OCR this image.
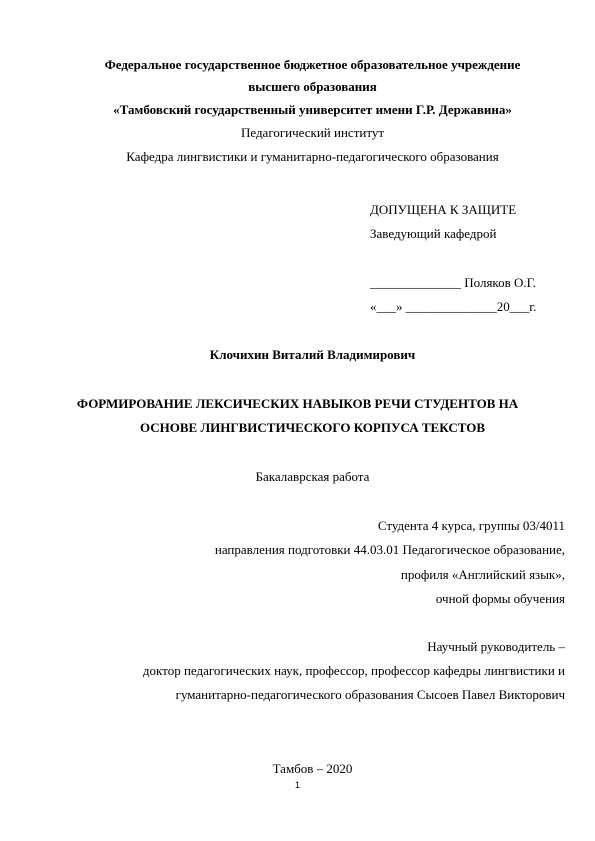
Федеральное государственное бюджетное образовательное учреждение
высшего образования
«Тамбовский государственный университет имени Г.Р. Державина»
Педагогический институт
Кафедра лингвистики и гуманитарно-педагогического образования
ДОПУЩЕНА К ЗАЩИТЕ
Заведующий кафедрой
______________ Поляков О.Г.
«___» ______________20___г.
Клочихин Виталий Владимирович
ФОРМИРОВАНИЕ ЛЕКСИЧЕСКИХ НАВЫКОВ РЕЧИ СТУДЕНТОВ НА
ОСНОВЕ ЛИНГВИСТИЧЕСКОГО КОРПУСА ТЕКСТОВ
Бакалаврская работа
Студента 4 курса, группы 03/4011
направления подготовки 44.03.01 Педагогическое образование,
профиля «Английский язык»,
очной формы обучения
Научный руководитель –
доктор педагогических наук, профессор, профессор кафедры лингвистики и
гуманитарно-педагогического образования Сысоев Павел Викторович
Тамбов – 2020
1
